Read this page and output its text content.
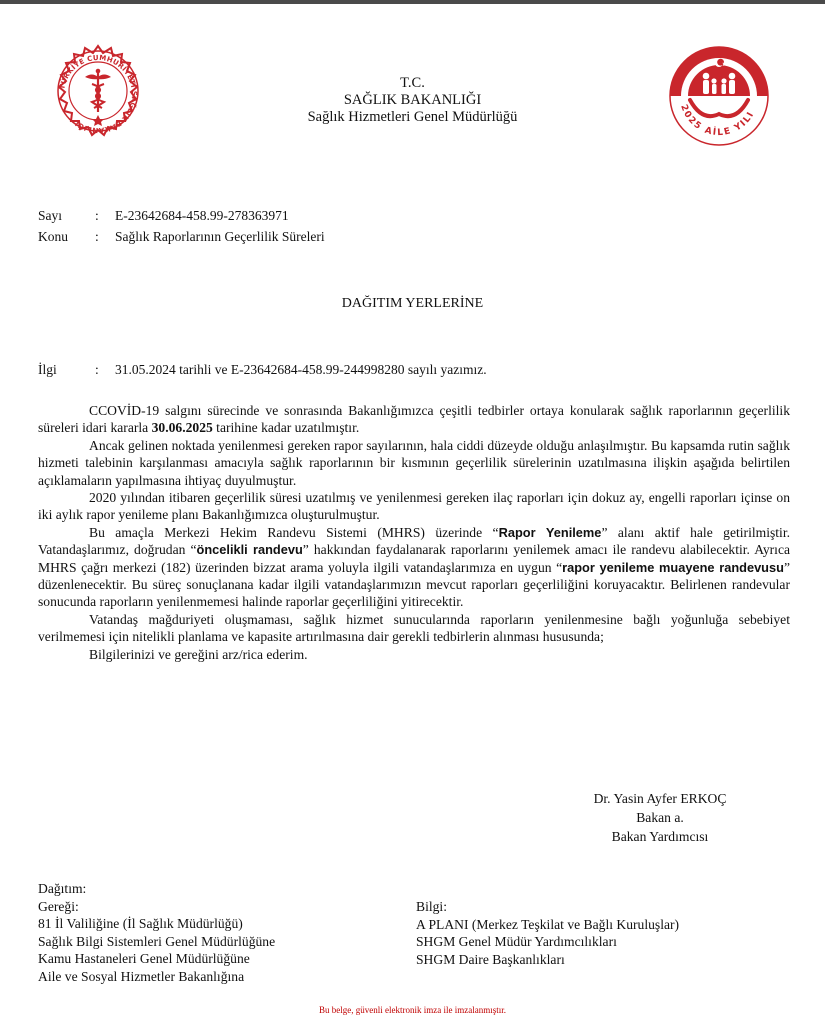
TÜRKİYE CUMHURİYETİ SAĞLIK BAKANLIĞI
T.C.
SAĞLIK BAKANLIĞI
Sağlık Hizmetleri Genel Müdürlüğü
2025 AİLE YILI
Sayı : E-23642684-458.99-278363971
Konu : Sağlık Raporlarının Geçerlilik Süreleri
DAĞITIM YERLERİNE
İlgi	: 31.05.2024 tarihli ve E-23642684-458.99-244998280 sayılı yazımız.

CCOVİD-19 salgını sürecinde ve sonrasında Bakanlığımızca çeşitli tedbirler ortaya konularak sağlık raporlarının geçerlilik süreleri idari kararla 30.06.2025 tarihine kadar uzatılmıştır.

Ancak gelinen noktada yenilenmesi gereken rapor sayılarının, hala ciddi düzeyde olduğu anlaşılmıştır. Bu kapsamda rutin sağlık hizmeti talebinin karşılanması amacıyla sağlık raporlarının bir kısmının geçerlilik sürelerinin uzatılmasına ilişkin aşağıda belirtilen açıklamaların yapılmasına ihtiyaç duyulmuştur.

2020 yılından itibaren geçerlilik süresi uzatılmış ve yenilenmesi gereken ilaç raporları için dokuz ay, engelli raporları içinse on iki aylık rapor yenileme planı Bakanlığımızca oluşturulmuştur.

Bu amaçla Merkezi Hekim Randevu Sistemi (MHRS) üzerinde “Rapor Yenileme” alanı aktif hale getirilmiştir. Vatandaşlarımız, doğrudan “öncelikli randevu” hakkından faydalanarak raporlarını yenilemek amacı ile randevu alabilecektir. Ayrıca MHRS çağrı merkezi (182) üzerinden bizzat arama yoluyla ilgili vatandaşlarımıza en uygun “rapor yenileme muayene randevusu” düzenlenecektir. Bu süreç sonuçlanana kadar ilgili vatandaşlarımızın mevcut raporları geçerliliğini koruyacaktır. Belirlenen randevular sonucunda raporların yenilenmemesi halinde raporlar geçerliliğini yitirecektir.

Vatandaş mağduriyeti oluşmaması, sağlık hizmet sunucularında raporların yenilenmesine bağlı yoğunluğa sebebiyet verilmemesi için nitelikli planlama ve kapasite artırılmasına dair gerekli tedbirlerin alınması hususunda;

Bilgilerinizi ve gereğini arz/rica ederim.

Dr. Yasin Ayfer ERKOÇ
Bakan a.
Bakan Yardımcısı
Dağıtım:
Gereği:
81 İl Valiliğine (İl Sağlık Müdürlüğü)
Sağlık Bilgi Sistemleri Genel Müdürlüğüne
Kamu Hastaneleri Genel Müdürlüğüne
Aile ve Sosyal Hizmetler Bakanlığına
Bilgi:
A PLANI (Merkez Teşkilat ve Bağlı Kuruluşlar)
SHGM Genel Müdür Yardımcılıkları
SHGM Daire Başkanlıkları
Bu belge, güvenli elektronik imza ile imzalanmıştır.
